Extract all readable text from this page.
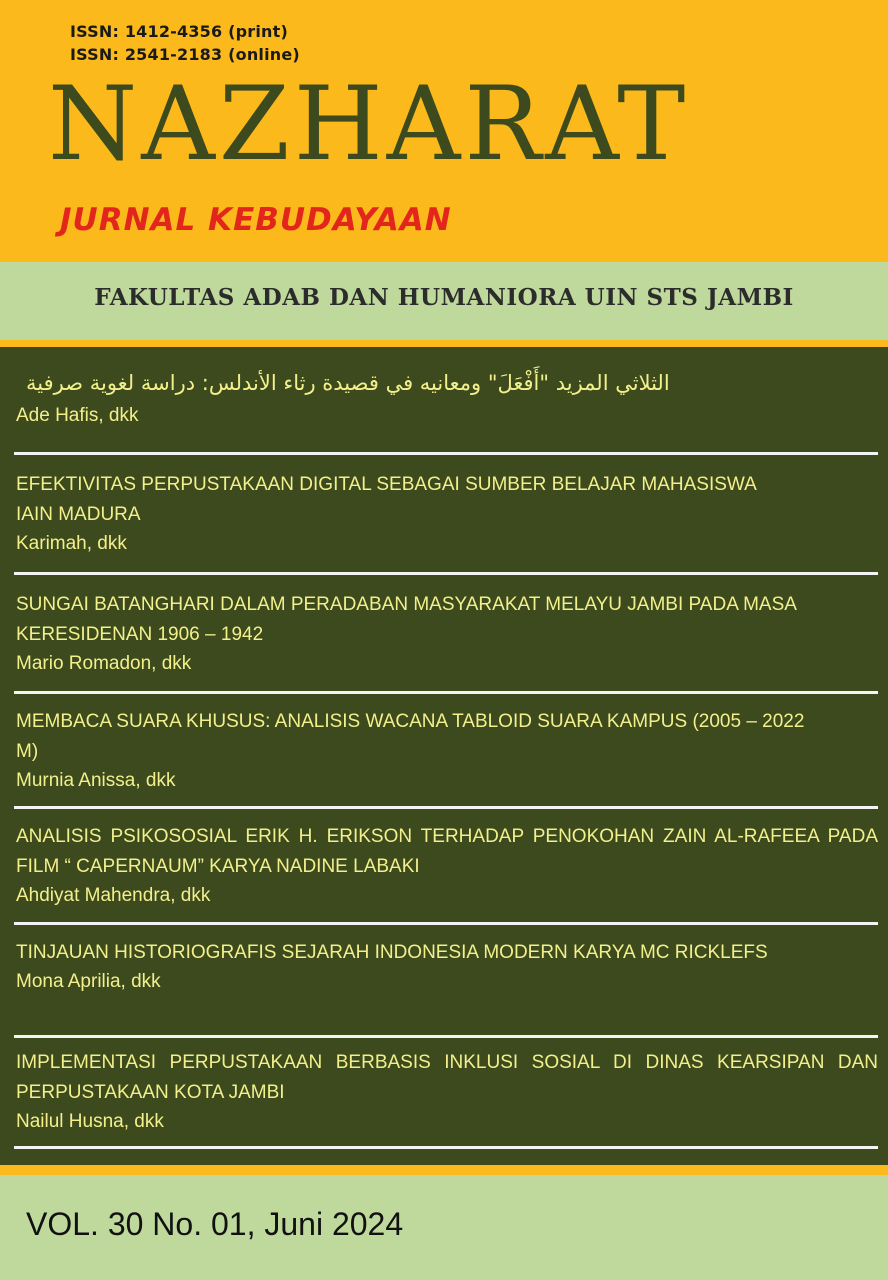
ISSN: 1412-4356 (print)
ISSN: 2541-2183 (online)
NAZHARAT
JURNAL KEBUDAYAAN
FAKULTAS ADAB DAN HUMANIORA UIN STS JAMBI
الثلاثي المزيد "أَفْعَلَ" ومعانيه في قصيدة رثاء الأندلس: دراسة لغوية صرفية
Ade Hafis, dkk
EFEKTIVITAS PERPUSTAKAAN DIGITAL SEBAGAI SUMBER BELAJAR MAHASISWA IAIN MADURA
Karimah, dkk
SUNGAI BATANGHARI DALAM PERADABAN MASYARAKAT MELAYU JAMBI PADA MASA KERESIDENAN 1906 – 1942
Mario Romadon, dkk
MEMBACA SUARA KHUSUS: ANALISIS WACANA TABLOID SUARA KAMPUS (2005 – 2022 M)
Murnia Anissa, dkk
ANALISIS PSIKOSOSIAL ERIK H. ERIKSON TERHADAP PENOKOHAN ZAIN AL-RAFEEA PADA FILM “ CAPERNAUM” KARYA NADINE LABAKI
Ahdiyat Mahendra, dkk
TINJAUAN HISTORIOGRAFIS SEJARAH INDONESIA MODERN KARYA MC RICKLEFS
Mona Aprilia, dkk
IMPLEMENTASI PERPUSTAKAAN BERBASIS INKLUSI SOSIAL DI DINAS KEARSIPAN DAN PERPUSTAKAAN KOTA JAMBI
Nailul Husna, dkk
VOL. 30 No. 01, Juni 2024
